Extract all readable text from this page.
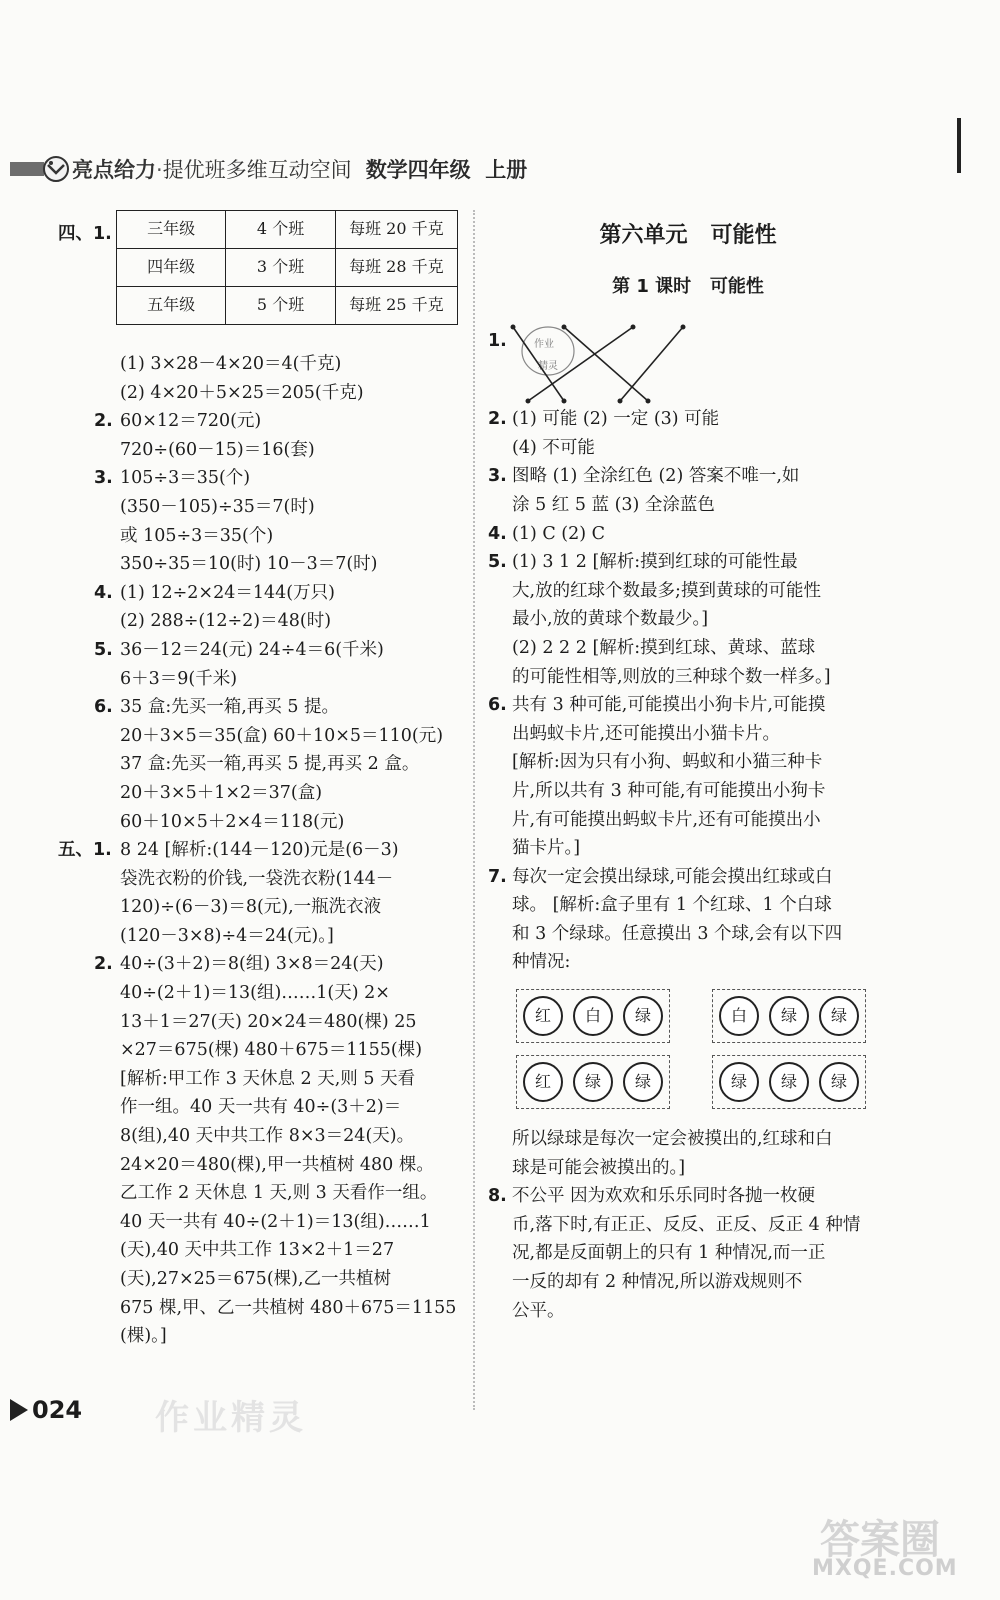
亮点给力·提优班多维互动空间 数学四年级  上册
四、1. 三年级	4 个班	每班 20 千克
四年级	3 个班	每班 28 千克
五年级	5 个班	每班 25 千克
(1) 3×28－4×20＝4(千克)
(2) 4×20＋5×25＝205(千克)
2. 60×12＝720(元)
720÷(60－15)＝16(套)
3. 105÷3＝35(个)
(350－105)÷35＝7(时)
或 105÷3＝35(个)
350÷35＝10(时) 10－3＝7(时)
4. (1) 12÷2×24＝144(万只)
(2) 288÷(12÷2)＝48(时)
5. 36－12＝24(元) 24÷4＝6(千米)
6＋3＝9(千米)
6. 35 盒:先买一箱,再买 5 提。
20＋3×5＝35(盒) 60＋10×5＝110(元)
37 盒:先买一箱,再买 5 提,再买 2 盒。
20＋3×5＋1×2＝37(盒)
60＋10×5＋2×4＝118(元)
五、1. 8 24 [解析:(144－120)元是(6－3)
袋洗衣粉的价钱,一袋洗衣粉(144－
120)÷(6－3)＝8(元),一瓶洗衣液
(120－3×8)÷4＝24(元)。]
2. 40÷(3＋2)＝8(组) 3×8＝24(天)
40÷(2＋1)＝13(组)……1(天) 2×
13＋1＝27(天) 20×24＝480(棵) 25
×27＝675(棵) 480＋675＝1155(棵)
[解析:甲工作 3 天休息 2 天,则 5 天看
作一组。40 天一共有 40÷(3＋2)＝
8(组),40 天中共工作 8×3＝24(天)。
24×20＝480(棵),甲一共植树 480 棵。
乙工作 2 天休息 1 天,则 3 天看作一组。
40 天一共有 40÷(2＋1)＝13(组)……1
(天),40 天中共工作 13×2＋1＝27
(天),27×25＝675(棵),乙一共植树
675 棵,甲、乙一共植树 480＋675＝1155
(棵)。]
第六单元   可能性
第 1 课时   可能性
1.	作业
精灵
2. (1) 可能 (2) 一定 (3) 可能
(4) 不可能
3. 图略 (1) 全涂红色 (2) 答案不唯一,如
涂 5 红 5 蓝 (3) 全涂蓝色
4. (1) C (2) C
5. (1) 3 1 2 [解析:摸到红球的可能性最
大,放的红球个数最多;摸到黄球的可能性
最小,放的黄球个数最少。]
(2) 2 2 2 [解析:摸到红球、黄球、蓝球
的可能性相等,则放的三种球个数一样多。]
6. 共有 3 种可能,可能摸出小狗卡片,可能摸
出蚂蚁卡片,还可能摸出小猫卡片。
[解析:因为只有小狗、蚂蚁和小猫三种卡
片,所以共有 3 种可能,有可能摸出小狗卡
片,有可能摸出蚂蚁卡片,还有可能摸出小
猫卡片。]
7. 每次一定会摸出绿球,可能会摸出红球或白
球。 [解析:盒子里有 1 个红球、1 个白球
和 3 个绿球。任意摸出 3 个球,会有以下四
种情况:
红	白	绿	白	绿	绿
红	绿	绿	绿	绿	绿
所以绿球是每次一定会被摸出的,红球和白
球是可能会被摸出的。]
8. 不公平 因为欢欢和乐乐同时各抛一枚硬
币,落下时,有正正、反反、正反、反正 4 种情
况,都是反面朝上的只有 1 种情况,而一正
一反的却有 2 种情况,所以游戏规则不
公平。
024 作业精灵
答案圈
MXQE.COM
